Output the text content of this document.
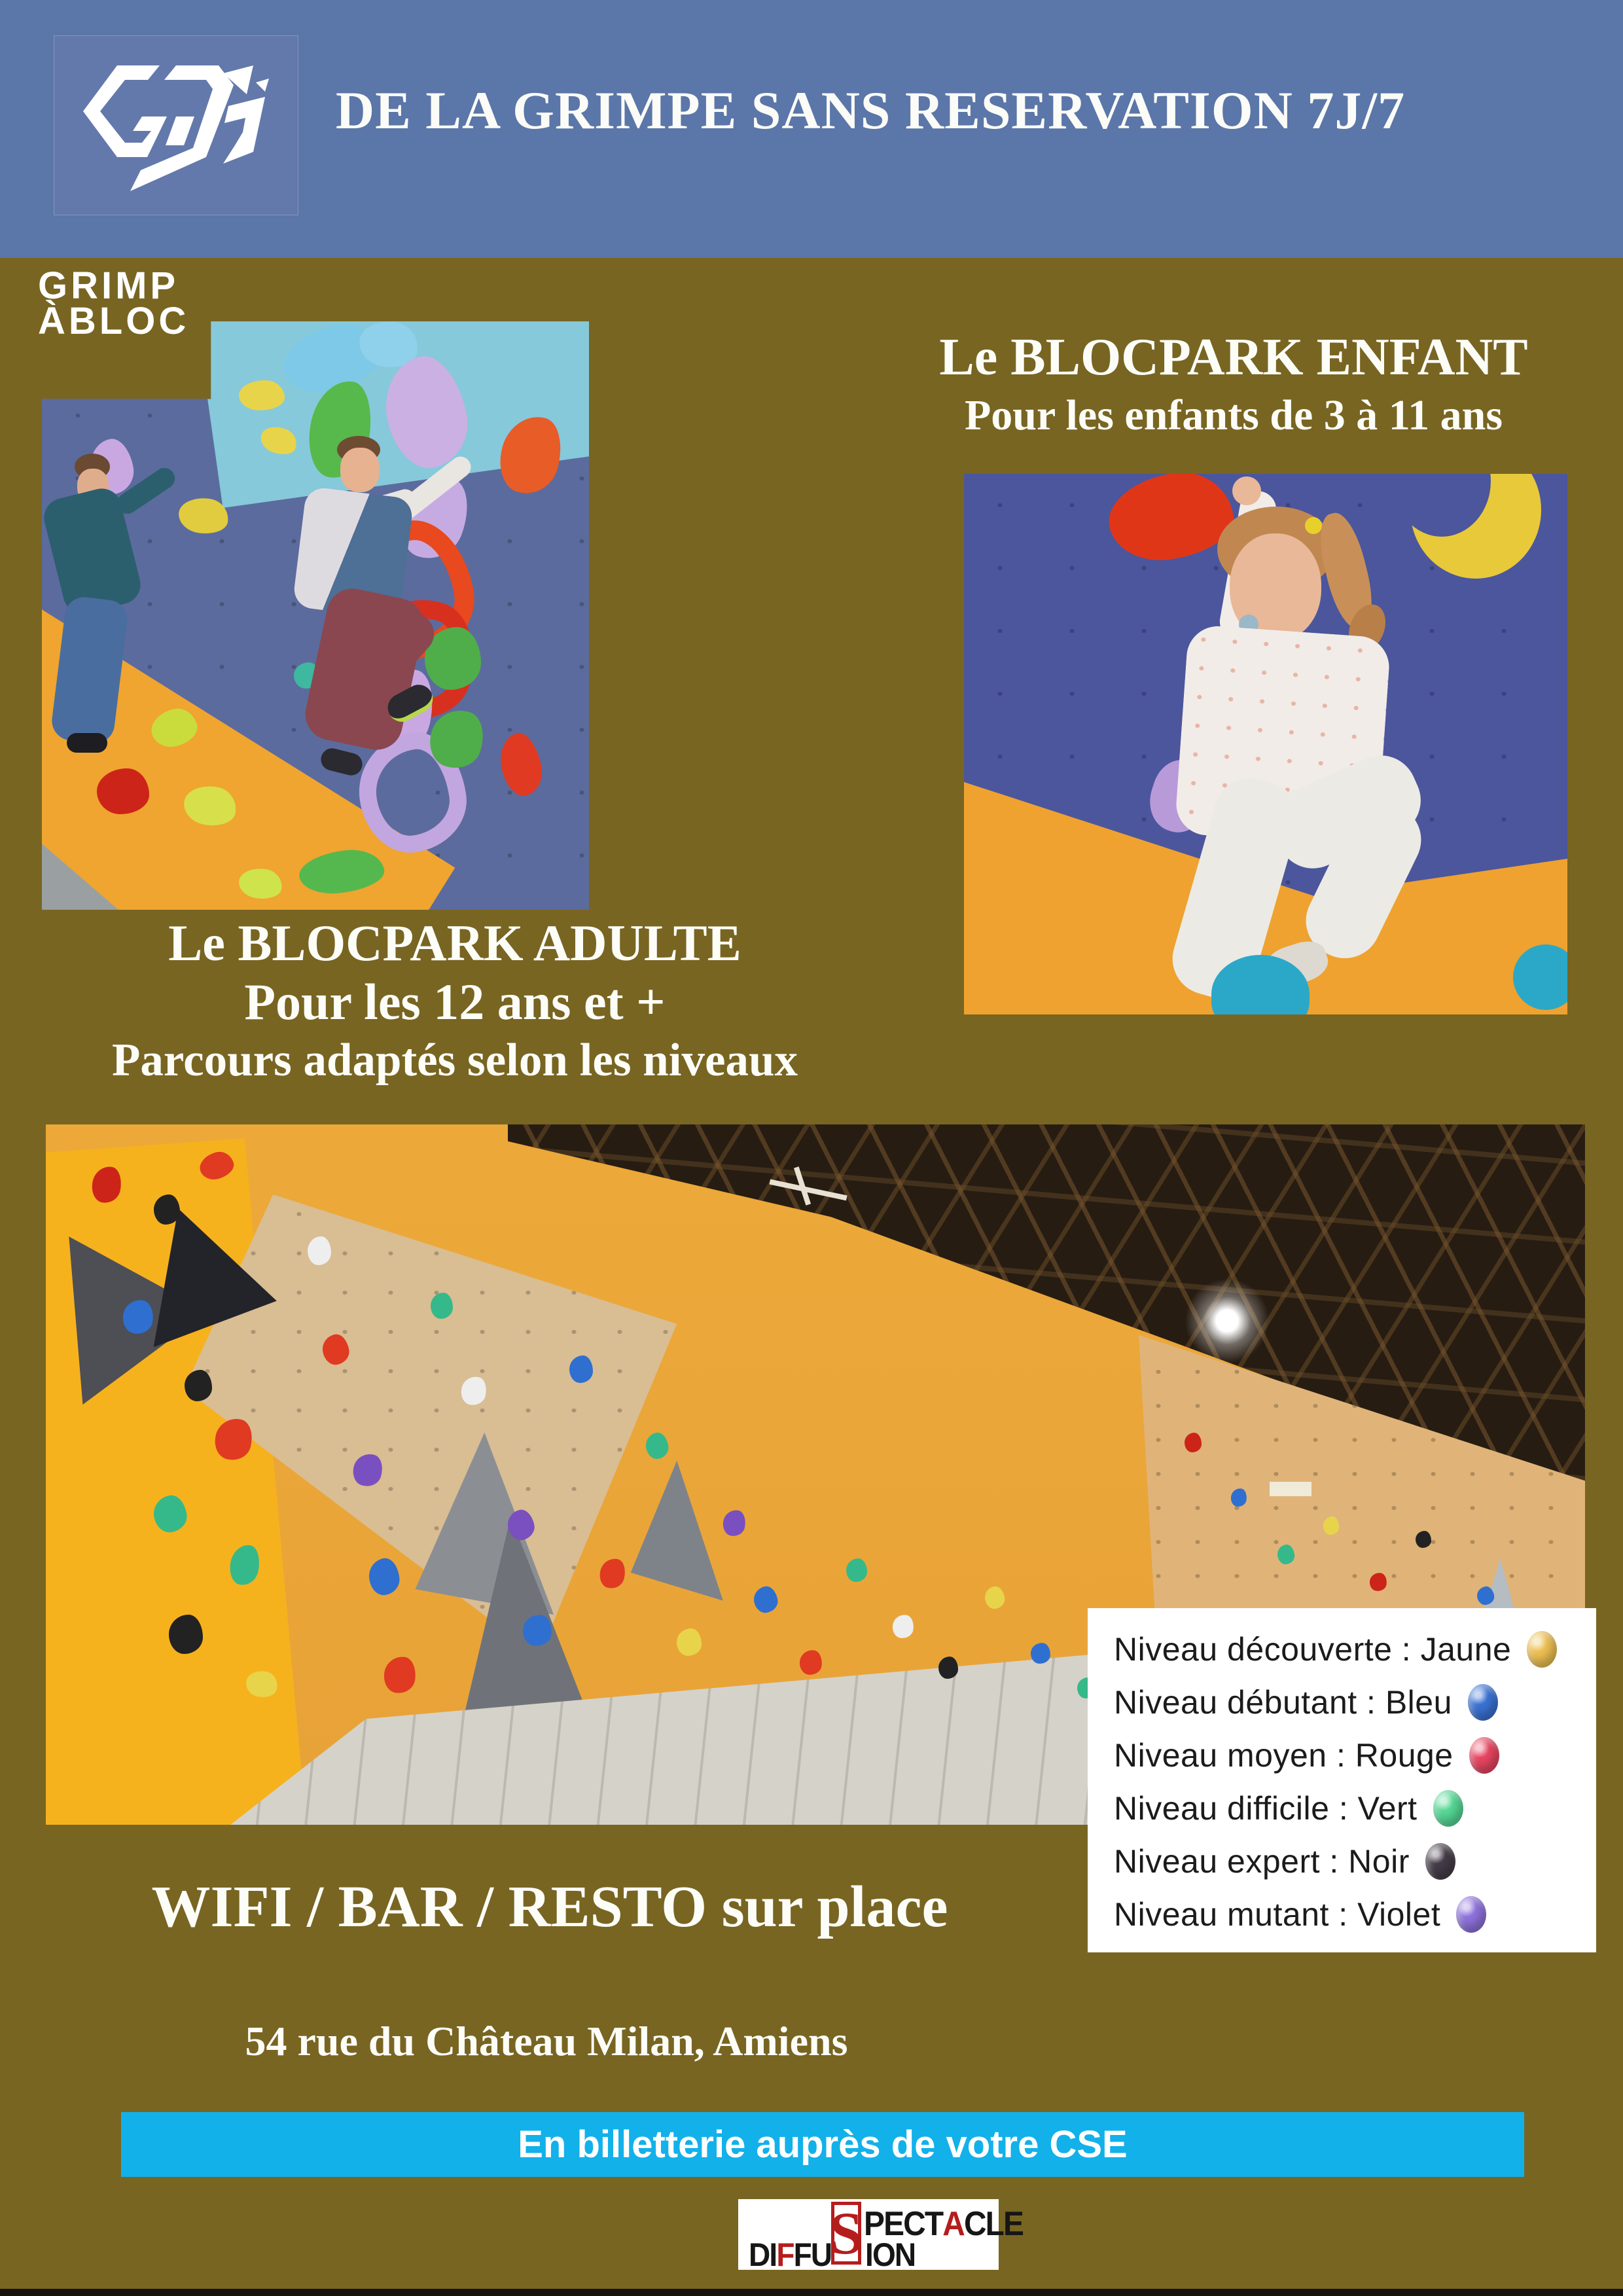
DE LA GRIMPE SANS RESERVATION 7J/7
GRIMP
ÀBLOC
Le BLOCPARK ENFANT
Pour les enfants de 3 à 11 ans
Le BLOCPARK ADULTE
Pour les 12 ans et +
Parcours adaptés selon les niveaux
Niveau découverte : Jaune
Niveau débutant : Bleu
Niveau moyen : Rouge
Niveau difficile : Vert
Niveau expert : Noir
Niveau mutant : Violet
WIFI / BAR / RESTO sur place
54 rue du Château Milan, Amiens
En billetterie auprès de votre CSE
S PECTACLE
DIFFU ION
